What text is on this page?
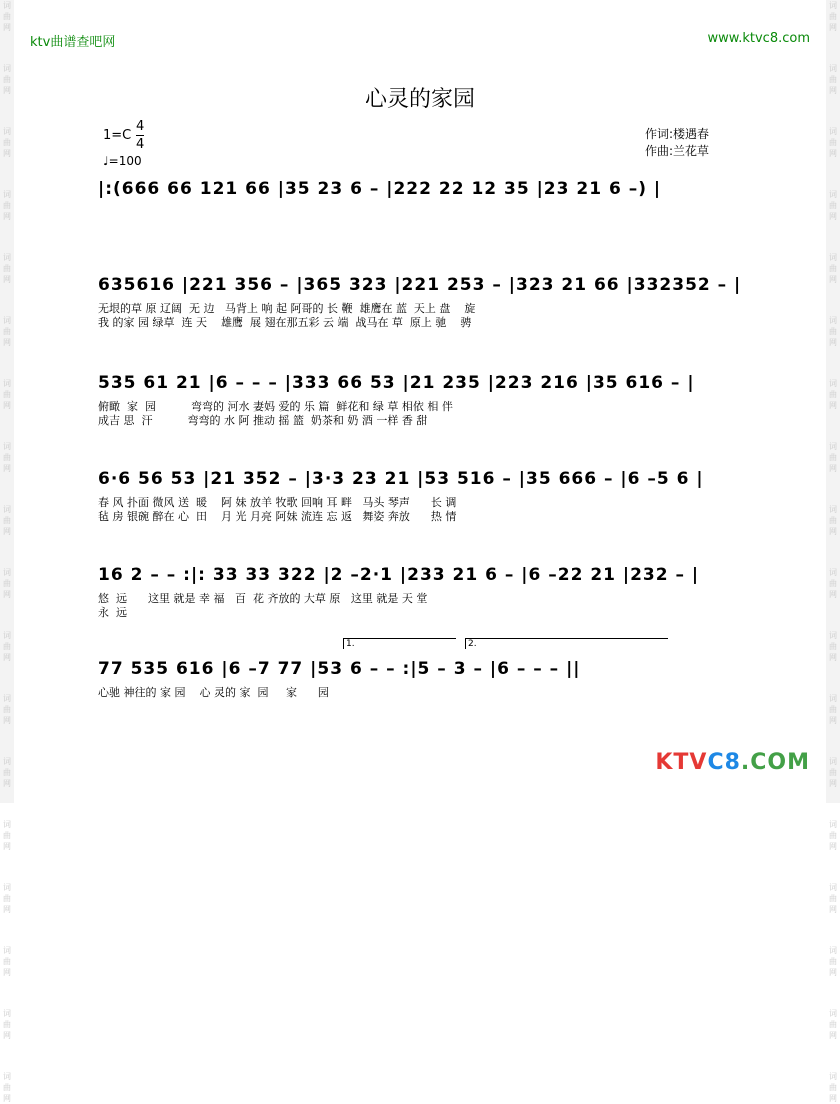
词曲网
词曲网
词曲网
词曲网
词曲网
词曲网
词曲网
词曲网
词曲网
词曲网
词曲网
词曲网
词曲网
词曲网
词曲网
词曲网
词曲网
词曲网
词曲网
词曲网
词曲网
词曲网
词曲网
词曲网
词曲网
词曲网
词曲网
词曲网
词曲网
词曲网
词曲网
词曲网
词曲网
词曲网
词曲网
词曲网
ktv曲谱查吧网	www.ktvc8.com
心灵的家园
1=C
4
4
♩=100
作词:楼遇春
作曲:兰花草
|:(666 66 121 66 |35 23 6 – |222 22 12 35 |23 21 6 –) |
635616 |221 356 – |365 323 |221 253 – |323 21 66 |332352 – |
无垠的草 原 辽阔  无 边   马背上 响 起 阿哥的 长 鞭  雄鹰在 蓝  天上 盘    旋
我 的家 园 绿草  连 天    雄鹰  展 翅在那五彩 云 端  战马在 草  原上 驰    骋
535 61 21 |6 – – – |333 66 53 |21 235 |223 216 |35 616 – |
俯瞰  家  园          弯弯的 河水 妻妈 爱的 乐 篇  鲜花和 绿 草 相依 相 伴
成吉 思  汗          弯弯的 水 阿 推动 摇 篮  奶茶和 奶 酒 一样 香 甜
6·6 56 53 |21 352 – |3·3 23 21 |53 516 – |35 666 – |6 –5 6 |
春 风 扑面 微风 送  暖    阿 妹 放羊 牧歌 回响 耳 畔   马头 琴声      长 调
毡 房 银碗 醉在 心  田    月 光 月亮 阿妹 流连 忘 返   舞姿 奔放      热 情
16 2 – – :|: 33 33 322 |2 –2·1 |233 21 6 – |6 –22 21 |232 – |
悠  远      这里 就是 幸 福   百  花 齐放的 大草 原   这里 就是 天 堂
永  远
1.	2.
77 535 616 |6 –7 77 |53 6 – – :|5 – 3 – |6 – – – ||
心驰 神往的 家 园    心 灵的 家  园     家      园
KTVC8.COM
